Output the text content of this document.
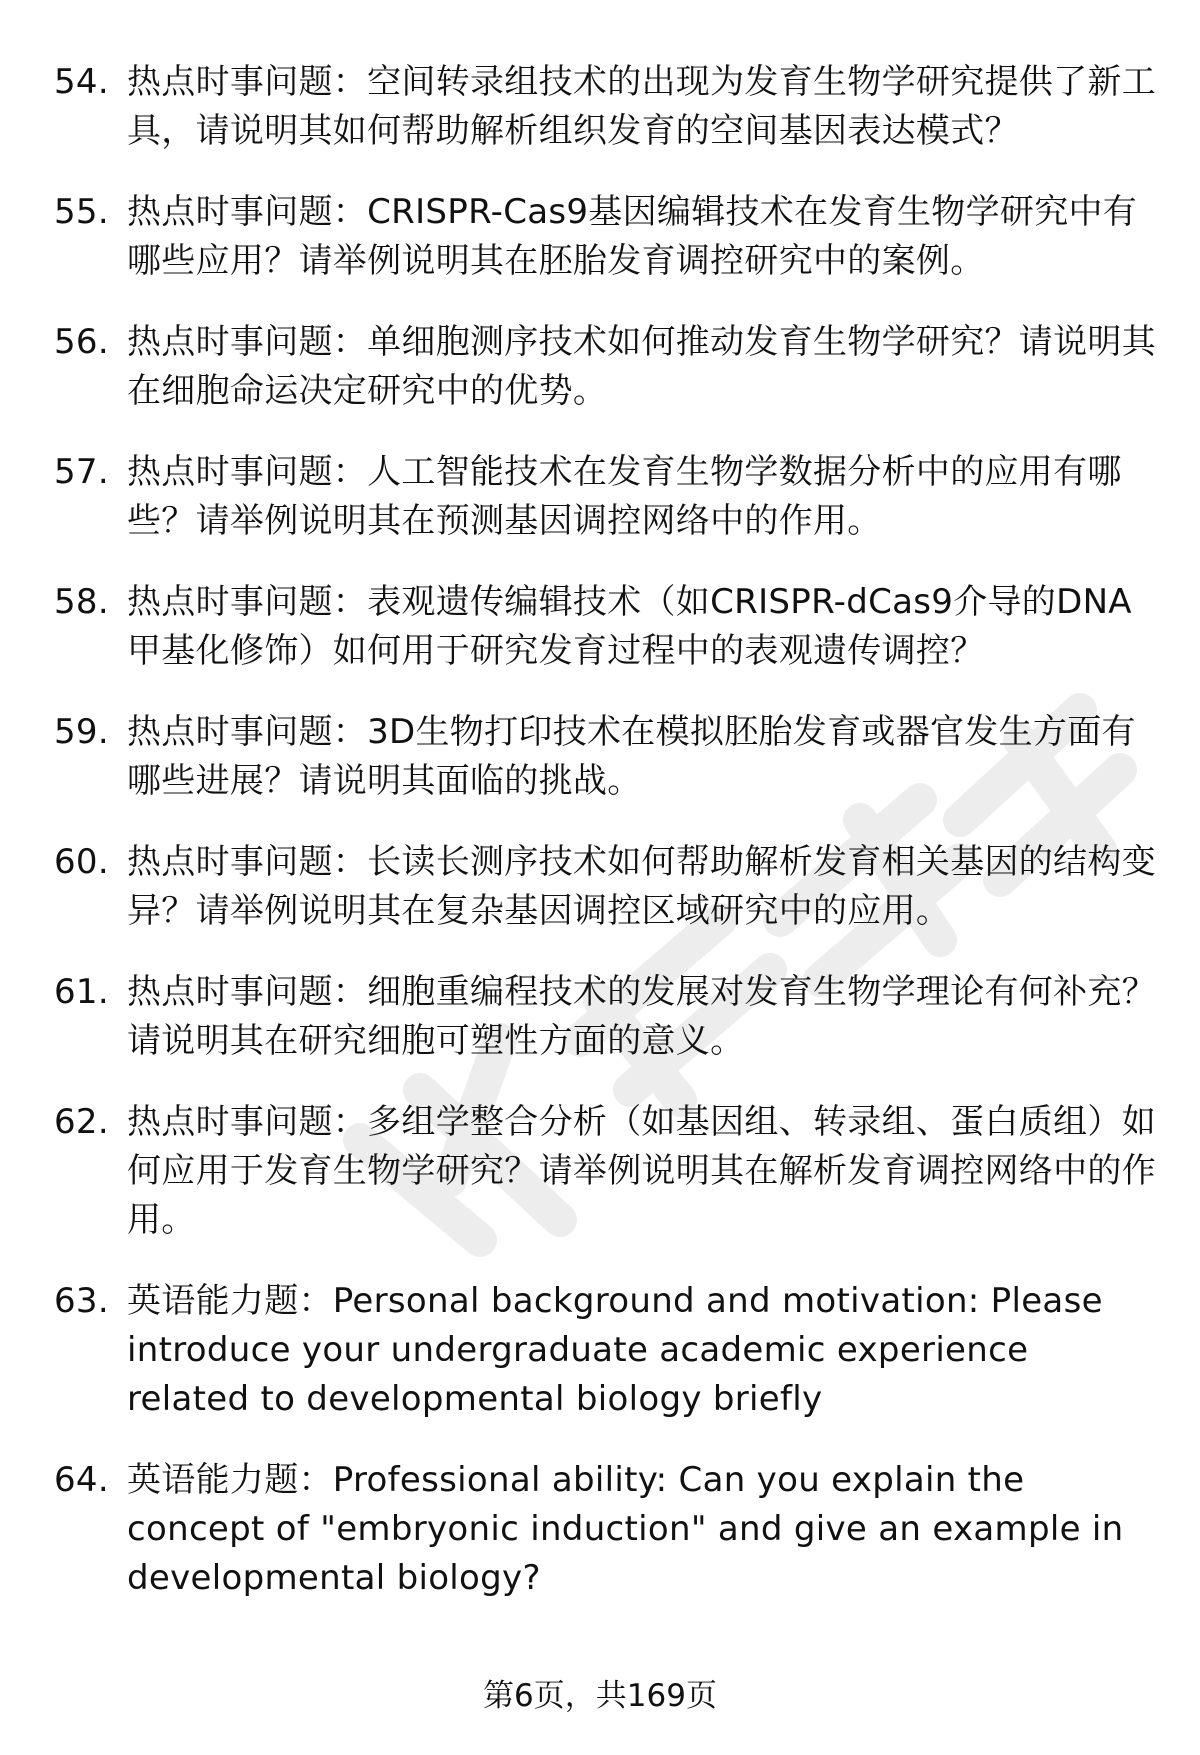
54. 热点时事问题：空间转录组技术的出现为发育生物学研究提供了新工具，请说明其如何帮助解析组织发育的空间基因表达模式？
55. 热点时事问题：CRISPR-Cas9基因编辑技术在发育生物学研究中有哪些应用？请举例说明其在胚胎发育调控研究中的案例。
56. 热点时事问题：单细胞测序技术如何推动发育生物学研究？请说明其在细胞命运决定研究中的优势。
57. 热点时事问题：人工智能技术在发育生物学数据分析中的应用有哪些？请举例说明其在预测基因调控网络中的作用。
58. 热点时事问题：表观遗传编辑技术（如CRISPR-dCas9介导的DNA甲基化修饰）如何用于研究发育过程中的表观遗传调控？
59. 热点时事问题：3D生物打印技术在模拟胚胎发育或器官发生方面有哪些进展？请说明其面临的挑战。
60. 热点时事问题：长读长测序技术如何帮助解析发育相关基因的结构变异？请举例说明其在复杂基因调控区域研究中的应用。
61. 热点时事问题：细胞重编程技术的发展对发育生物学理论有何补充？请说明其在研究细胞可塑性方面的意义。
62. 热点时事问题：多组学整合分析（如基因组、转录组、蛋白质组）如何应用于发育生物学研究？请举例说明其在解析发育调控网络中的作用。
63. 英语能力题：Personal background and motivation: Please introduce your undergraduate academic experience related to developmental biology briefly
64. 英语能力题：Professional ability: Can you explain the concept of "embryonic induction" and give an example in developmental biology?
第6页，共169页
